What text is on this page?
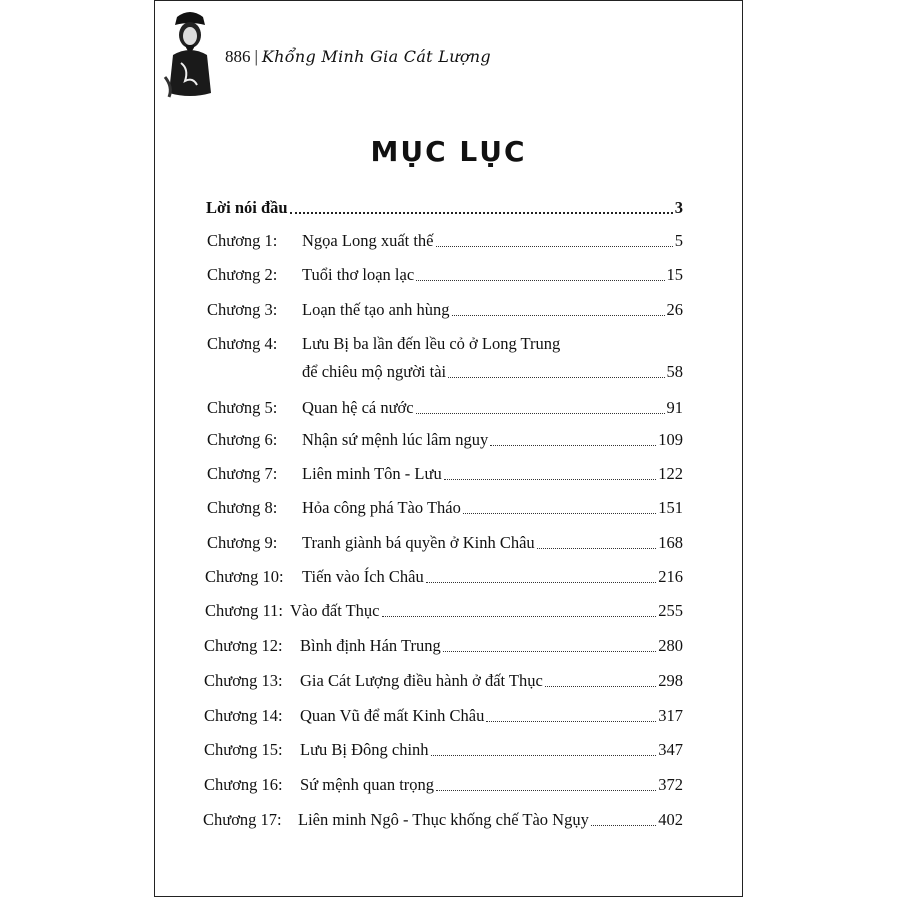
886 | Khổng Minh Gia Cát Lượng
MỤC LỤC
Lời nói đầu	3
Chương 1: Ngọa Long xuất thế	5
Chương 2: Tuổi thơ loạn lạc	15
Chương 3: Loạn thế tạo anh hùng	26
Chương 4: Lưu Bị ba lần đến lều cỏ ở Long Trung
để chiêu mộ người tài	58
Chương 5: Quan hệ cá nước	91
Chương 6: Nhận sứ mệnh lúc lâm nguy	109
Chương 7: Liên minh Tôn - Lưu	122
Chương 8: Hỏa công phá Tào Tháo	151
Chương 9: Tranh giành bá quyền ở Kinh Châu	168
Chương 10: Tiến vào Ích Châu	216
Chương 11: Vào đất Thục	255
Chương 12: Bình định Hán Trung	280
Chương 13: Gia Cát Lượng điều hành ở đất Thục	298
Chương 14: Quan Vũ để mất Kinh Châu	317
Chương 15: Lưu Bị Đông chinh	347
Chương 16: Sứ mệnh quan trọng	372
Chương 17: Liên minh Ngô - Thục khống chế Tào Ngụy	402
